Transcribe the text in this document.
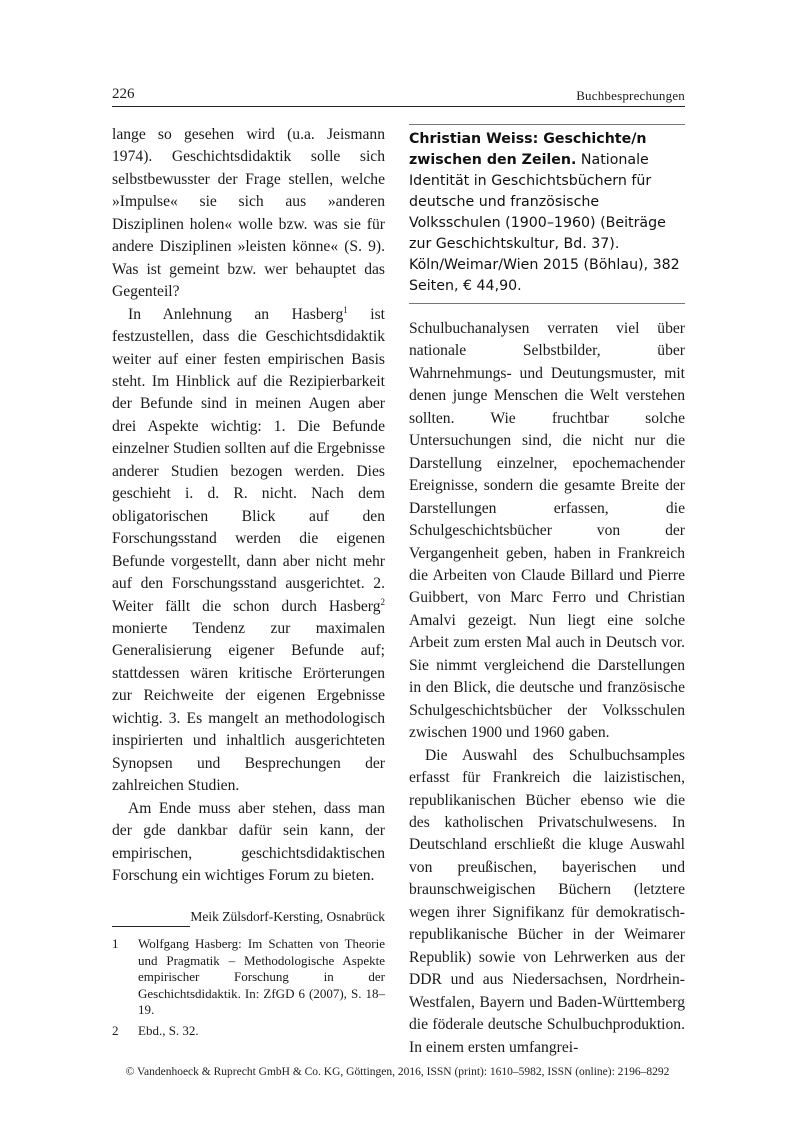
226	Buchbesprechungen

lange so gesehen wird (u.a. Jeismann 1974). Geschichtsdidaktik solle sich selbstbewusster der Frage stellen, welche »Impulse« sie sich aus »anderen Disziplinen holen« wolle bzw. was sie für andere Disziplinen »leisten könne« (S. 9). Was ist gemeint bzw. wer behauptet das Gegenteil?

In Anlehnung an Hasberg$^1$ ist festzustellen, dass die Geschichtsdidaktik weiter auf einer festen empirischen Basis steht. Im Hinblick auf die Rezipierbarkeit der Befunde sind in meinen Augen aber drei Aspekte wichtig: 1. Die Befunde einzelner Studien sollten auf die Ergebnisse anderer Studien bezogen werden. Dies geschieht i. d. R. nicht. Nach dem obligatorischen Blick auf den Forschungsstand werden die eigenen Befunde vorgestellt, dann aber nicht mehr auf den Forschungsstand ausgerichtet. 2. Weiter fällt die schon durch Hasberg$^2$ monierte Tendenz zur maximalen Generalisierung eigener Befunde auf; stattdessen wären kritische Erörterungen zur Reichweite der eigenen Ergebnisse wichtig. 3. Es mangelt an methodologisch inspirierten und inhaltlich ausgerichteten Synopsen und Besprechungen der zahlreichen Studien.

Am Ende muss aber stehen, dass man der gde dankbar dafür sein kann, der empirischen, geschichtsdidaktischen Forschung ein wichtiges Forum zu bieten.

Meik Zülsdorf-Kersting, Osnabrück
1	Wolfgang Hasberg: Im Schatten von Theorie und Pragmatik – Methodologische Aspekte empirischer Forschung in der Geschichtsdidaktik. In: ZfGD 6 (2007), S. 18–19.
2	Ebd., S. 32.
Christian Weiss: Geschichte/n zwischen den Zeilen. Nationale Identität in Geschichtsbüchern für deutsche und französische Volksschulen (1900–1960) (Beiträge zur Geschichtskultur, Bd. 37). Köln/Weimar/Wien 2015 (Böhlau), 382 Seiten, € 44,90.

Schulbuchanalysen verraten viel über nationale Selbstbilder, über Wahrnehmungs- und Deutungsmuster, mit denen junge Menschen die Welt verstehen sollten. Wie fruchtbar solche Untersuchungen sind, die nicht nur die Darstellung einzelner, epochemachender Ereignisse, sondern die gesamte Breite der Darstellungen erfassen, die Schulgeschichtsbücher von der Vergangenheit geben, haben in Frankreich die Arbeiten von Claude Billard und Pierre Guibbert, von Marc Ferro und Christian Amalvi gezeigt. Nun liegt eine solche Arbeit zum ersten Mal auch in Deutsch vor. Sie nimmt vergleichend die Darstellungen in den Blick, die deutsche und französische Schulgeschichtsbücher der Volksschulen zwischen 1900 und 1960 gaben.

Die Auswahl des Schulbuchsamples erfasst für Frankreich die laizistischen, republikanischen Bücher ebenso wie die des katholischen Privatschulwesens. In Deutschland erschließt die kluge Auswahl von preußischen, bayerischen und braunschweigischen Büchern (letztere wegen ihrer Signifikanz für demokratisch-republikanische Bücher in der Weimarer Republik) sowie von Lehrwerken aus der DDR und aus Niedersachsen, Nordrhein-Westfalen, Bayern und Baden-Württemberg die föderale deutsche Schulbuchproduktion. In einem ersten umfangrei-

© Vandenhoeck & Ruprecht GmbH & Co. KG, Göttingen, 2016, ISSN (print): 1610–5982, ISSN (online): 2196–8292
